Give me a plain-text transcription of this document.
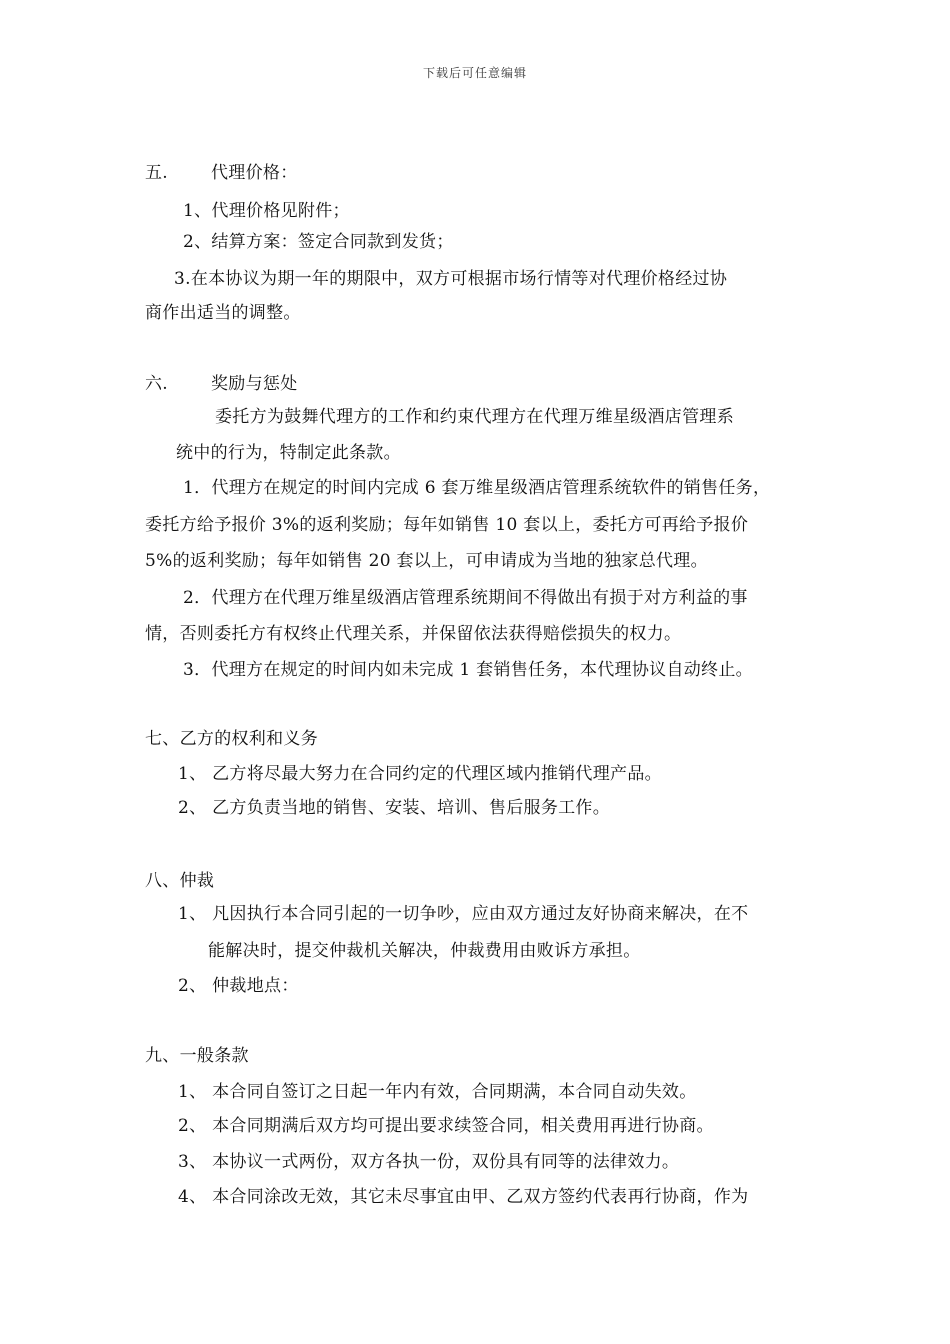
下载后可任意编辑
五.	代理价格：
1、代理价格见附件；
2、结算方案：签定合同款到发货；
3.在本协议为期一年的期限中，双方可根据市场行情等对代理价格经过协
商作出适当的调整。
六.	奖励与惩处
委托方为鼓舞代理方的工作和约束代理方在代理万维星级酒店管理系
统中的行为，特制定此条款。
1．代理方在规定的时间内完成 6 套万维星级酒店管理系统软件的销售任务，
委托方给予报价 3%的返利奖励；每年如销售 10 套以上，委托方可再给予报价
5%的返利奖励；每年如销售 20 套以上，可申请成为当地的独家总代理。
2．代理方在代理万维星级酒店管理系统期间不得做出有损于对方利益的事
情，否则委托方有权终止代理关系，并保留依法获得赔偿损失的权力。
3．代理方在规定的时间内如未完成 1 套销售任务，本代理协议自动终止。
七、乙方的权利和义务
1、 乙方将尽最大努力在合同约定的代理区域内推销代理产品。
2、 乙方负责当地的销售、安装、培训、售后服务工作。
八、仲裁
1、 凡因执行本合同引起的一切争吵，应由双方通过友好协商来解决，在不
能解决时，提交仲裁机关解决，仲裁费用由败诉方承担。
2、 仲裁地点：
九、一般条款
1、 本合同自签订之日起一年内有效，合同期满，本合同自动失效。
2、 本合同期满后双方均可提出要求续签合同，相关费用再进行协商。
3、 本协议一式两份，双方各执一份，双份具有同等的法律效力。
4、 本合同涂改无效，其它未尽事宜由甲、乙双方签约代表再行协商，作为
